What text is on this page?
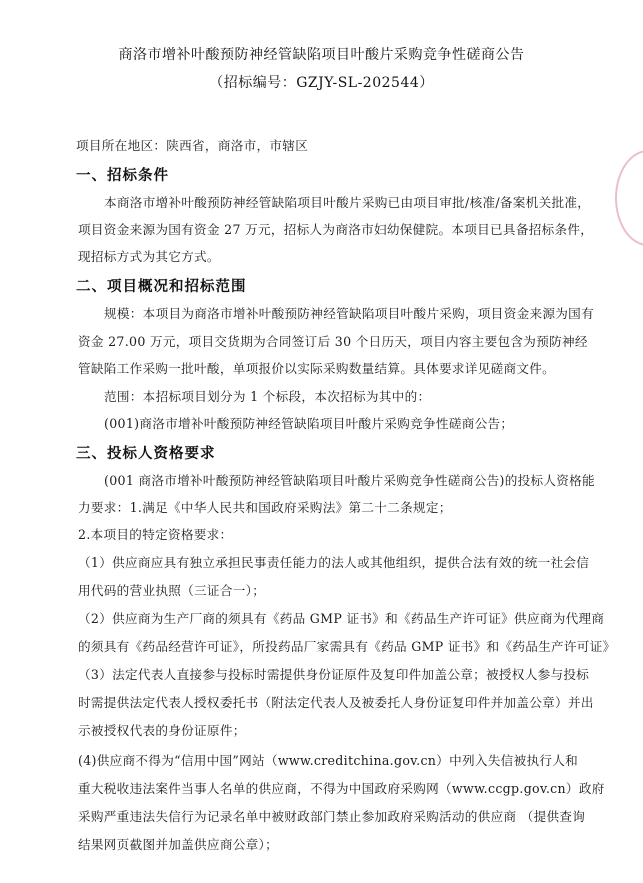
商洛市增补叶酸预防神经管缺陷项目叶酸片采购竞争性磋商公告
（招标编号：GZJY-SL-202544）
项目所在地区：陕西省，商洛市，市辖区
一、招标条件
本商洛市增补叶酸预防神经管缺陷项目叶酸片采购已由项目审批/核准/备案机关批准，
项目资金来源为国有资金 27 万元，招标人为商洛市妇幼保健院。本项目已具备招标条件，
现招标方式为其它方式。
二、项目概况和招标范围
规模：本项目为商洛市增补叶酸预防神经管缺陷项目叶酸片采购，项目资金来源为国有
资金 27.00 万元，项目交货期为合同签订后 30 个日历天，项目内容主要包含为预防神经
管缺陷工作采购一批叶酸，单项报价以实际采购数量结算。具体要求详见磋商文件。
范围：本招标项目划分为 1 个标段，本次招标为其中的：
(001)商洛市增补叶酸预防神经管缺陷项目叶酸片采购竞争性磋商公告；
三、投标人资格要求
(001 商洛市增补叶酸预防神经管缺陷项目叶酸片采购竞争性磋商公告)的投标人资格能
力要求：1.满足《中华人民共和国政府采购法》第二十二条规定；
2.本项目的特定资格要求：
（1）供应商应具有独立承担民事责任能力的法人或其他组织，提供合法有效的统一社会信
用代码的营业执照（三证合一）；
（2）供应商为生产厂商的须具有《药品 GMP 证书》和《药品生产许可证》供应商为代理商
的须具有《药品经营许可证》，所投药品厂家需具有《药品 GMP 证书》和《药品生产许可证》
（3）法定代表人直接参与投标时需提供身份证原件及复印件加盖公章；被授权人参与投标
时需提供法定代表人授权委托书（附法定代表人及被委托人身份证复印件并加盖公章）并出
示被授权代表的身份证原件；
(4)供应商不得为“信用中国”网站（www.creditchina.gov.cn）中列入失信被执行人和
重大税收违法案件当事人名单的供应商，不得为中国政府采购网（www.ccgp.gov.cn）政府
采购严重违法失信行为记录名单中被财政部门禁止参加政府采购活动的供应商 （提供查询
结果网页截图并加盖供应商公章）；
